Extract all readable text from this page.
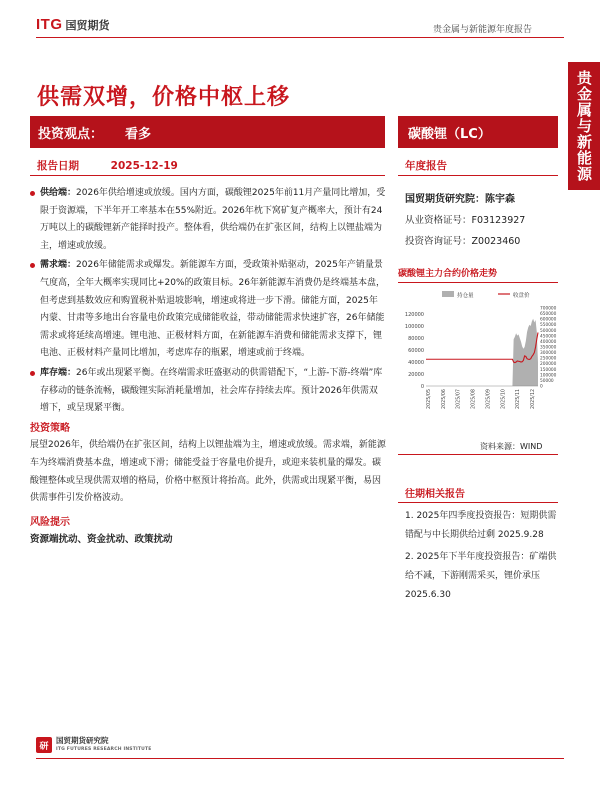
ITG 国贸期货	贵金属与新能源年度报告
贵金属与新能源
供需双增，价格中枢上移
投资观点： 看多	碳酸锂（LC）
报告日期	2025-12-19	年度报告

供给端：2026年供给增速或放缓。国内方面，碳酸锂2025年前11月产量同比增加，受限于资源端，下半年开工率基本在55%附近。2026年枕下窝矿复产概率大，预计有24万吨以上的碳酸锂新产能择时投产。整体看，供给端仍在扩张区间，结构上以锂盐端为主，增速或放缓。

需求端：2026年储能需求或爆发。新能源车方面，受政策补贴驱动，2025年产销量景气度高，全年大概率实现同比+20%的政策目标。26年新能源车消费仍是终端基本盘，但考虑到基数效应和购置税补贴退坡影响，增速或将进一步下滑。储能方面，2025年内蒙、甘肃等多地出台容量电价政策完成储能收益，带动储能需求快速扩容，26年储能需求或将延续高增速。锂电池、正极材料方面，在新能源车消费和储能需求支撑下，锂电池、正极材料产量同比增加，考虑库存的瓶累，增速或前于终端。

库存端：26年或出现紧平衡。在终端需求旺盛驱动的供需错配下，“上游-下游-终端”库存移动的链条流畅，碳酸锂实际消耗量增加，社会库存持续去库。预计2026年供需双增下，或呈现紧平衡。

投资策略

展望2026年，供给端仍在扩张区间，结构上以锂盐端为主，增速或放缓。需求端，新能源车为终端消费基本盘，增速或下滑；储能受益于容量电价提升，或迎来装机量的爆发。碳酸锂整体或呈现供需双增的格局，价格中枢预计将抬高。此外，供需或出现紧平衡，易因供需事件引发价格波动。

风险提示

资源端扰动、资金扰动、政策扰动

国贸期货研究院：陈宇森
从业资格证号：F03123927
投资咨询证号：Z0023460
碳酸锂主力合约价格走势
持仓量	收盘价
0
20000
40000
60000
80000
100000
120000
0
50000
100000
150000
200000
250000
300000
350000
400000
450000
500000
550000
600000
650000
700000
2025/05 2025/06 2025/07 2025/08 2025/09 2025/10 2025/11 2025/12
资料来源：WIND
往期相关报告
1. 2025年四季度投资报告：短期供需错配与中长期供给过剩 2025.9.28
2. 2025年下半年度投资报告：矿端供给不减，下游刚需采买，锂价承压 2025.6.30
研
国贸期货研究院
ITG FUTURES RESEARCH INSTITUTE
